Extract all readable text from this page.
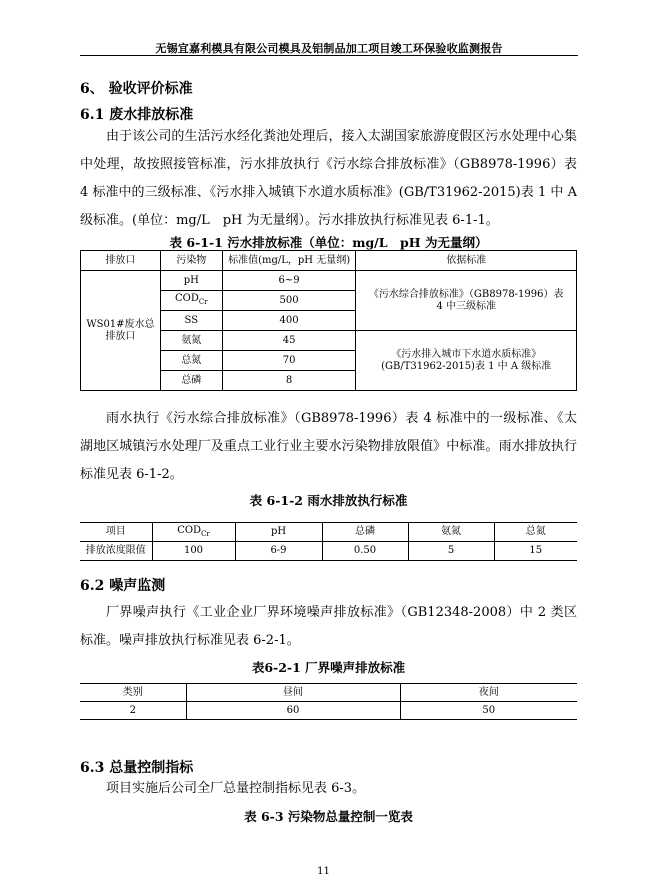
无锡宜嘉利模具有限公司模具及铝制品加工项目竣工环保验收监测报告
6、 验收评价标准
6.1 废水排放标准
由于该公司的生活污水经化粪池处理后，接入太湖国家旅游度假区污水处理中心集中处理，故按照接管标准，污水排放执行《污水综合排放标准》（GB8978-1996）表 4 标准中的三级标准、《污水排入城镇下水道水质标准》(GB/T31962-2015)表 1 中 A 级标准。(单位：mg/L　pH 为无量纲）。污水排放执行标准见表 6-1-1。
表 6-1-1 污水排放标准（单位：mg/L　pH 为无量纲）
排放口	污染物	标准值(mg/L，pH 无量纲)	依据标准
WS01#废水总排放口	pH	6~9	《污水综合排放标准》（GB8978-1996）表 4 中三级标准
	$COD_{Cr}$	500	
	SS	400	
	氨氮	45	《污水排入城市下水道水质标准》(GB/T31962-2015)表 1 中 A 级标准
	总氮	70	
	总磷	8	
雨水执行《污水综合排放标准》（GB8978-1996）表 4 标准中的一级标准、《太湖地区城镇污水处理厂及重点工业行业主要水污染物排放限值》中标准。雨水排放执行标准见表 6-1-2。
表 6-1-2 雨水排放执行标准
项目	$COD_{Cr}$	pH	总磷	氨氮	总氮
排放浓度限值	100	6-9	0.50	5	15
6.2 噪声监测
厂界噪声执行《工业企业厂界环境噪声排放标准》（GB12348-2008）中 2 类区标准。噪声排放执行标准见表 6-2-1。
表6-2-1 厂界噪声排放标准
类别	昼间	夜间
2	60	50
6.3 总量控制指标
项目实施后公司全厂总量控制指标见表 6-3。
表 6-3 污染物总量控制一览表
11
